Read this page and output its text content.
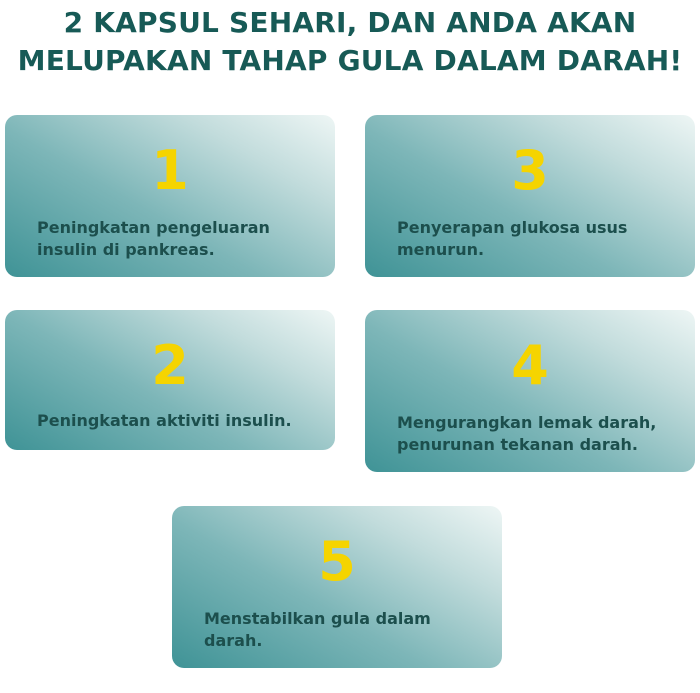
2 KAPSUL SEHARI, DAN ANDA AKAN
MELUPAKAN TAHAP GULA DALAM DARAH!
1
Peningkatan pengeluaran insulin di pankreas.
3
Penyerapan glukosa usus menurun.
2
Peningkatan aktiviti insulin.
4
Mengurangkan lemak darah, penurunan tekanan darah.
5
Menstabilkan gula dalam darah.
